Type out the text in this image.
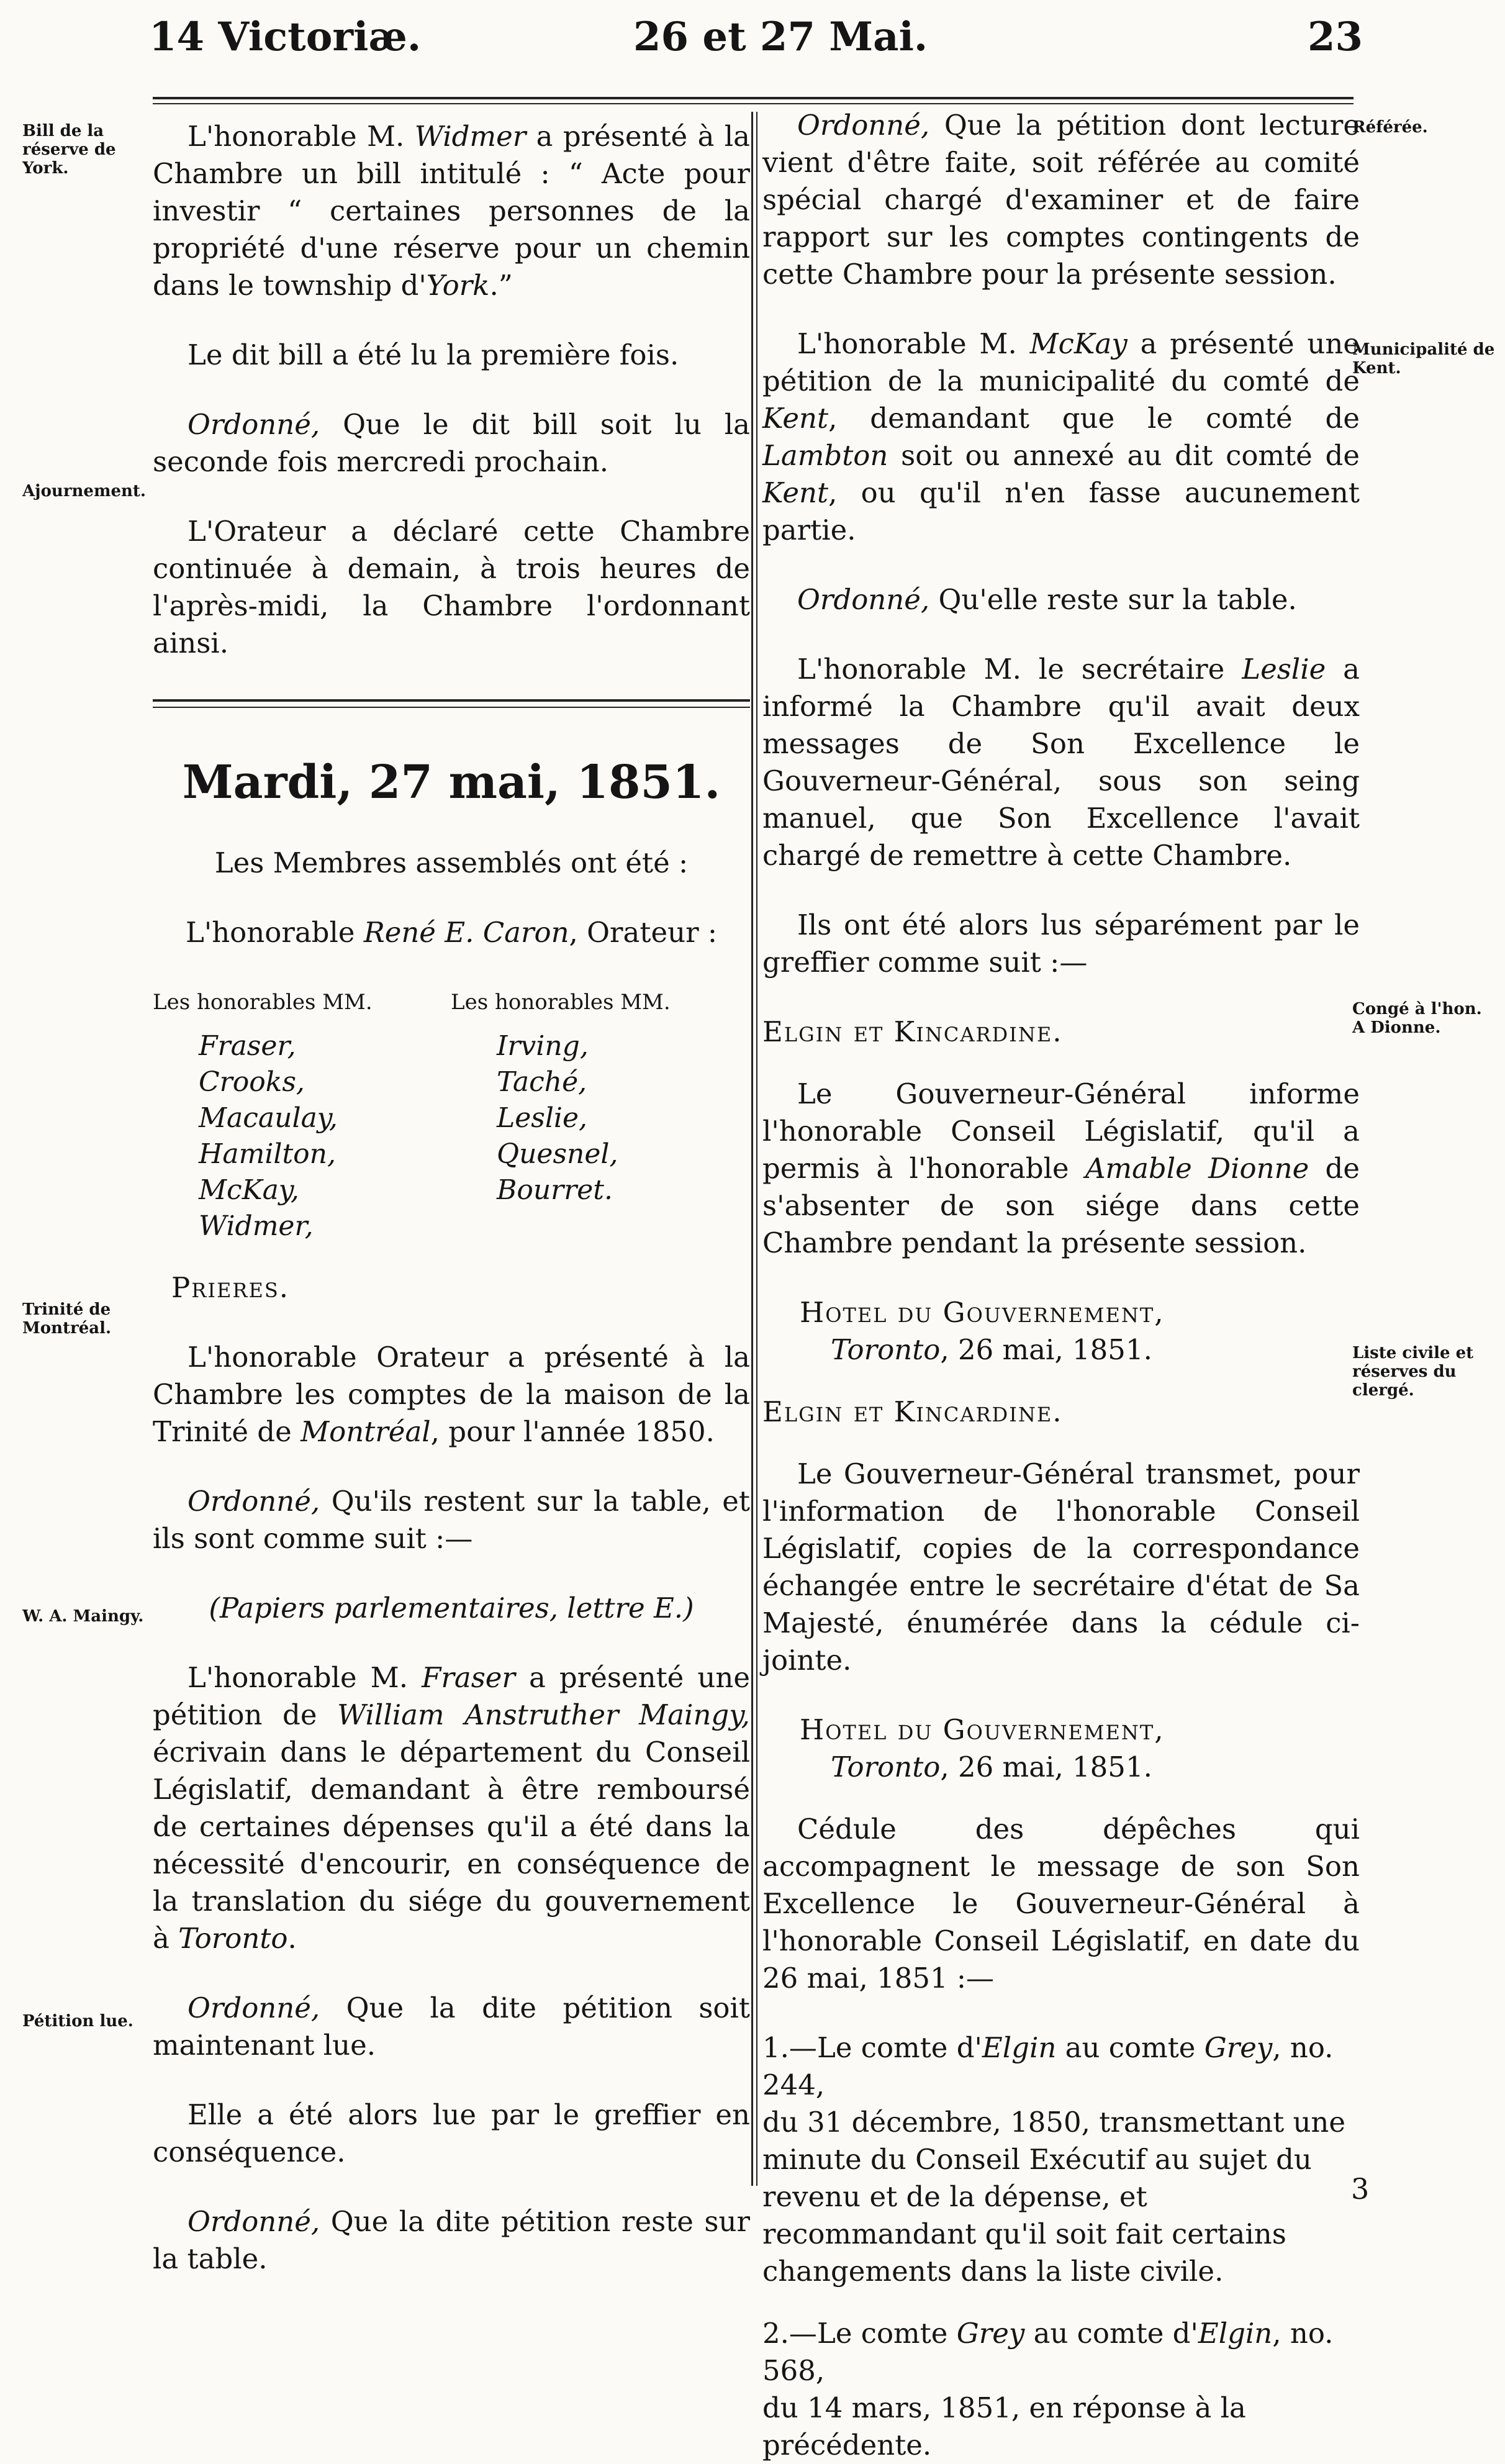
14 Victoriæ.	26 et 27 Mai.	23
Bill de la réserve de York.
Ajournement.
Trinité de Montréal.
W. A. Maingy.
Pétition lue.
Référée.
Municipalité de Kent.
Congé à l'hon. A Dionne.
Liste civile et réserves du clergé.

L'honorable M. Widmer a présenté à la Chambre un bill intitulé : “ Acte pour investir “ certaines personnes de la propriété d'une réserve pour un chemin dans le township d'York.”

Le dit bill a été lu la première fois.

Ordonné, Que le dit bill soit lu la seconde fois mercredi prochain.

L'Orateur a déclaré cette Chambre continuée à demain, à trois heures de l'après-midi, la Chambre l'ordonnant ainsi.

Mardi, 27 mai, 1851.

Les Membres assemblés ont été :

L'honorable René E. Caron, Orateur :

Les honorables MM.
Fraser,
Crooks,
Macaulay,
Hamilton,
McKay,
Widmer,
Les honorables MM.
Irving,
Taché,
Leslie,
Quesnel,
Bourret.

Prieres.

L'honorable Orateur a présenté à la Chambre les comptes de la maison de la Trinité de Montréal, pour l'année 1850.

Ordonné, Qu'ils restent sur la table, et ils sont comme suit :—

(Papiers parlementaires, lettre E.)

L'honorable M. Fraser a présenté une pétition de William Anstruther Maingy, écrivain dans le département du Conseil Législatif, demandant à être remboursé de certaines dépenses qu'il a été dans la nécessité d'encourir, en conséquence de la translation du siége du gouvernement à Toronto.

Ordonné, Que la dite pétition soit maintenant lue.

Elle a été alors lue par le greffier en conséquence.

Ordonné, Que la dite pétition reste sur la table.

Ordonné, Que la pétition dont lecture vient d'être faite, soit référée au comité spécial chargé d'examiner et de faire rapport sur les comptes contingents de cette Chambre pour la présente session.

L'honorable M. McKay a présenté une pétition de la municipalité du comté de Kent, demandant que le comté de Lambton soit ou annexé au dit comté de Kent, ou qu'il n'en fasse aucunement partie.

Ordonné, Qu'elle reste sur la table.

L'honorable M. le secrétaire Leslie a informé la Chambre qu'il avait deux messages de Son Excellence le Gouverneur-Général, sous son seing manuel, que Son Excellence l'avait chargé de remettre à cette Chambre.

Ils ont été alors lus séparément par le greffier comme suit :—

Elgin et Kincardine.

Le Gouverneur-Général informe l'honorable Conseil Législatif, qu'il a permis à l'honorable Amable Dionne de s'absenter de son siége dans cette Chambre pendant la présente session.

Hotel du Gouvernement,
Toronto, 26 mai, 1851.

Elgin et Kincardine.

Le Gouverneur-Général transmet, pour l'information de l'honorable Conseil Législatif, copies de la correspondance échangée entre le secrétaire d'état de Sa Majesté, énumérée dans la cédule ci-jointe.

Hotel du Gouvernement,
Toronto, 26 mai, 1851.

Cédule des dépêches qui accompagnent le message de son Son Excellence le Gouverneur-Général à l'honorable Conseil Législatif, en date du 26 mai, 1851 :—

1.—Le comte d'Elgin au comte Grey, no. 244,
du 31 décembre, 1850, transmettant une minute du Conseil Exécutif au sujet du revenu et de la dépense, et recommandant qu'il soit fait certains changements dans la liste civile.
2.—Le comte Grey au comte d'Elgin, no. 568,
du 14 mars, 1851, en réponse à la précédente.
3
